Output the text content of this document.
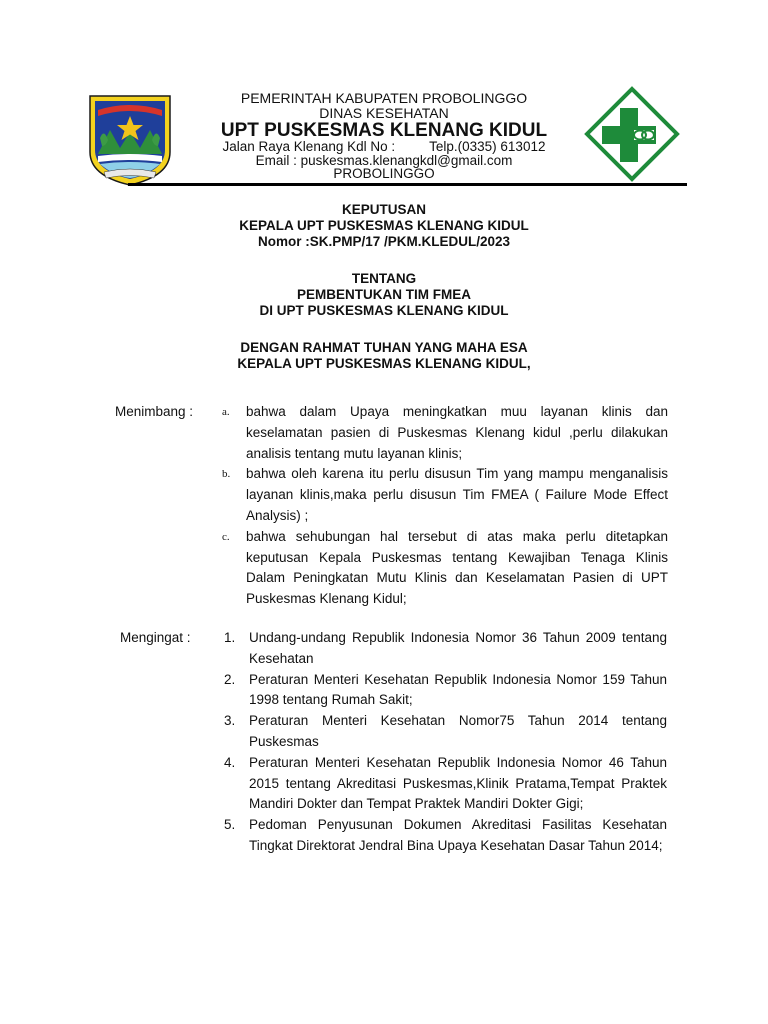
PEMERINTAH KABUPATEN PROBOLINGGO
DINAS KESEHATAN
UPT PUSKESMAS KLENANG KIDUL
Jalan Raya Klenang Kdl No :	Telp.(0335) 613012
Email : puskesmas.klenangkdl@gmail.com
PROBOLINGGO
KEPUTUSAN
KEPALA UPT PUSKESMAS KLENANG KIDUL
Nomor :SK.PMP/17 /PKM.KLEDUL/2023
TENTANG
PEMBENTUKAN TIM FMEA
DI UPT PUSKESMAS KLENANG KIDUL
DENGAN RAHMAT TUHAN YANG MAHA ESA
KEPALA UPT PUSKESMAS KLENANG KIDUL,
Menimbang :	a.	bahwa dalam Upaya meningkatkan muu layanan klinis dan keselamatan pasien di Puskesmas Klenang kidul ,perlu dilakukan analisis tentang mutu layanan klinis;
b.	bahwa oleh karena itu perlu disusun Tim yang mampu menganalisis layanan klinis,maka perlu disusun Tim FMEA ( Failure Mode Effect Analysis) ;
c.	bahwa sehubungan hal tersebut di atas maka perlu ditetapkan keputusan Kepala Puskesmas tentang Kewajiban Tenaga Klinis Dalam Peningkatan Mutu Klinis dan Keselamatan Pasien di UPT Puskesmas Klenang Kidul;
Mengingat : 1.	Undang-undang Republik Indonesia Nomor 36 Tahun 2009 tentang Kesehatan
2.	Peraturan Menteri Kesehatan Republik Indonesia Nomor 159 Tahun 1998 tentang Rumah Sakit;
3.	Peraturan Menteri Kesehatan Nomor75 Tahun 2014 tentang Puskesmas
4.	Peraturan Menteri Kesehatan Republik Indonesia Nomor 46 Tahun 2015 tentang Akreditasi Puskesmas,Klinik Pratama,Tempat Praktek Mandiri Dokter dan Tempat Praktek Mandiri Dokter Gigi;
5.	Pedoman Penyusunan Dokumen Akreditasi Fasilitas Kesehatan Tingkat Direktorat Jendral Bina Upaya Kesehatan Dasar Tahun 2014;
